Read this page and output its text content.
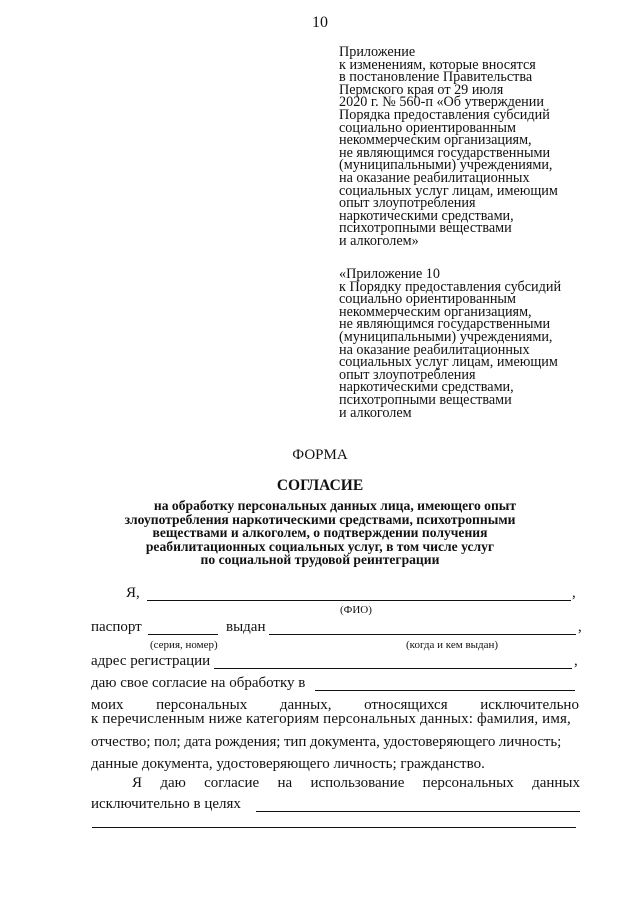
10
Приложение
к изменениям, которые вносятся
в постановление Правительства
Пермского края от 29 июля
2020 г. № 560-п «Об утверждении
Порядка предоставления субсидий
социально ориентированным
некоммерческим организациям,
не являющимся государственными
(муниципальными) учреждениями,
на оказание реабилитационных
социальных услуг лицам, имеющим
опыт злоупотребления
наркотическими средствами,
психотропными веществами
и алкоголем»
«Приложение 10
к Порядку предоставления субсидий
социально ориентированным
некоммерческим организациям,
не являющимся государственными
(муниципальными) учреждениями,
на оказание реабилитационных
социальных услуг лицам, имеющим
опыт злоупотребления
наркотическими средствами,
психотропными веществами
и алкоголем
ФОРМА
СОГЛАСИЕ
на обработку персональных данных лица, имеющего опыт
злоупотребления наркотическими средствами, психотропными
веществами и алкоголем, о подтверждении получения
реабилитационных социальных услуг, в том числе услуг
по социальной трудовой реинтеграции
Я,	,
(ФИО)
паспорт	выдан	,
(серия, номер)	(когда и кем выдан)
адрес регистрации	,
даю свое согласие на обработку в
моих персональных данных, относящихся исключительно
к перечисленным ниже категориям персональных данных: фамилия, имя,
отчество; пол; дата рождения; тип документа, удостоверяющего личность;
данные документа, удостоверяющего личность; гражданство.
Я даю согласие на использование персональных данных
исключительно в целях
